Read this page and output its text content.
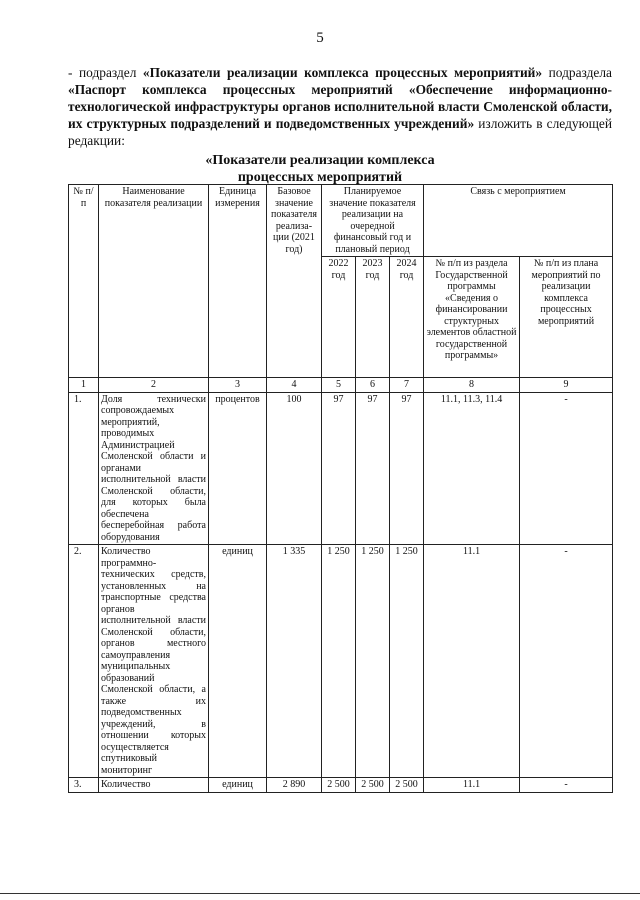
5
- подраздел «Показатели реализации комплекса процессных мероприятий» подраздела «Паспорт комплекса процессных мероприятий «Обеспечение информационно-технологической инфраструктуры органов исполнительной власти Смоленской области, их структурных подразделений и подведомственных учреждений» изложить в следующей редакции:
«Показатели реализации комплекса
процессных мероприятий
№ п/п	Наименование показателя реализации	Единица измерения	Базовое значение показателя реализа-ции (2021 год)	Планируемое значение показателя реализации на очередной финансовый год и плановый период			Связь с мероприятием	
				2022 год	2023 год	2024 год	№ п/п из раздела Государственной программы «Сведения о финансировании структурных элементов областной государственной программы»	№ п/п из плана мероприятий по реализации комплекса процессных мероприятий
1	2	3	4	5	6	7	8	9
1.	Доля технически сопровождаемых мероприятий, проводимых Администрацией Смоленской области и органами исполнительной власти Смоленской области, для которых была обеспечена бесперебойная работа оборудования	процентов	100	97	97	97	11.1, 11.3, 11.4	-
2.	Количество программно-технических средств, установленных на транспортные средства органов исполнительной власти Смоленской области, органов местного самоуправления муниципальных образований Смоленской области, а также их подведомственных учреждений, в отношении которых осуществляется спутниковый мониторинг	единиц	1 335	1 250	1 250	1 250	11.1	-
3.	Количество	единиц	2 890	2 500	2 500	2 500	11.1	-
